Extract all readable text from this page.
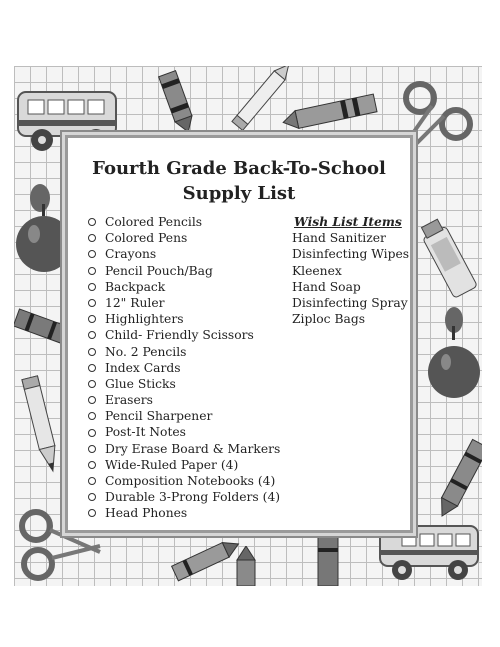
Fourth Grade Back-To-School
Supply List
Colored Pencils
Colored Pens
Crayons
Pencil Pouch/Bag
Backpack
12" Ruler
Highlighters
Child- Friendly Scissors
No. 2 Pencils
Index Cards
Glue Sticks
Erasers
Pencil Sharpener
Post-It Notes
Dry Erase Board & Markers
Wide-Ruled Paper (4)
Composition Notebooks (4)
Durable 3-Prong Folders (4)
Head Phones

Wish List Items

Hand Sanitizer
Disinfecting Wipes
Kleenex
Hand Soap
Disinfecting Spray
Ziploc Bags
